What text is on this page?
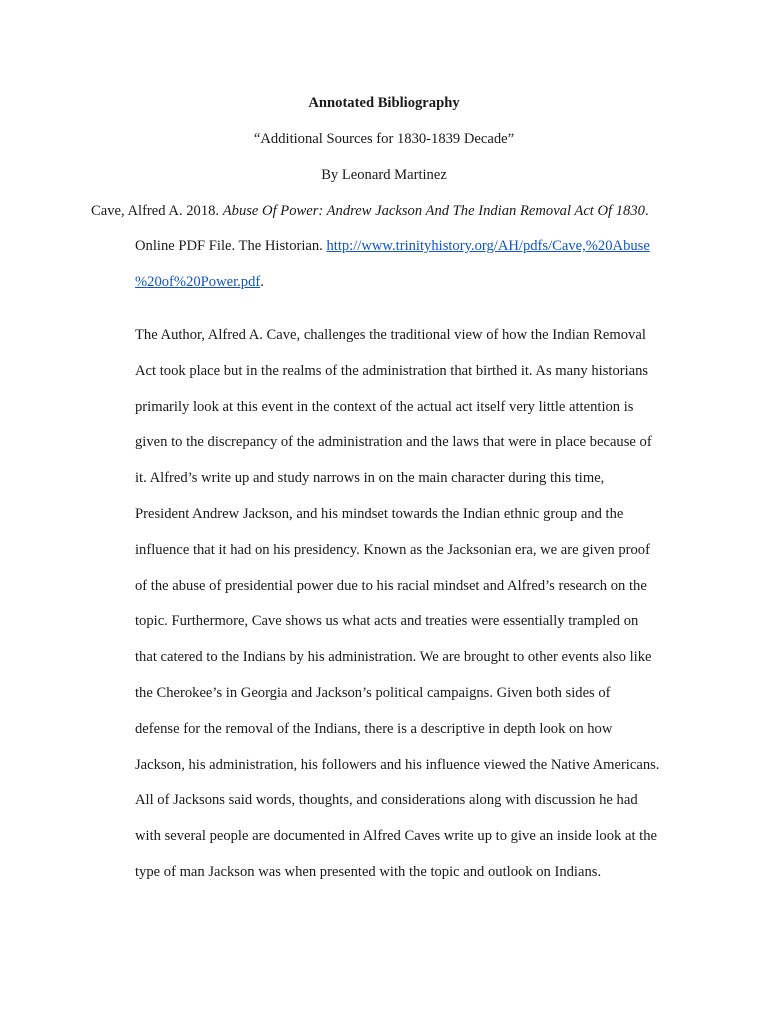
Annotated Bibliography
“Additional Sources for 1830-1839 Decade”
By Leonard Martinez
Cave, Alfred A. 2018. Abuse Of Power: Andrew Jackson And The Indian Removal Act Of 1830.
Online PDF File. The Historian. http://www.trinityhistory.org/AH/pdfs/Cave,%20Abuse
%20of%20Power.pdf.
The Author, Alfred A. Cave, challenges the traditional view of how the Indian Removal
Act took place but in the realms of the administration that birthed it. As many historians
primarily look at this event in the context of the actual act itself very little attention is
given to the discrepancy of the administration and the laws that were in place because of
it. Alfred’s write up and study narrows in on the main character during this time,
President Andrew Jackson, and his mindset towards the Indian ethnic group and the
influence that it had on his presidency. Known as the Jacksonian era, we are given proof
of the abuse of presidential power due to his racial mindset and Alfred’s research on the
topic. Furthermore, Cave shows us what acts and treaties were essentially trampled on
that catered to the Indians by his administration. We are brought to other events also like
the Cherokee’s in Georgia and Jackson’s political campaigns. Given both sides of
defense for the removal of the Indians, there is a descriptive in depth look on how
Jackson, his administration, his followers and his influence viewed the Native Americans.
All of Jacksons said words, thoughts, and considerations along with discussion he had
with several people are documented in Alfred Caves write up to give an inside look at the
type of man Jackson was when presented with the topic and outlook on Indians.
